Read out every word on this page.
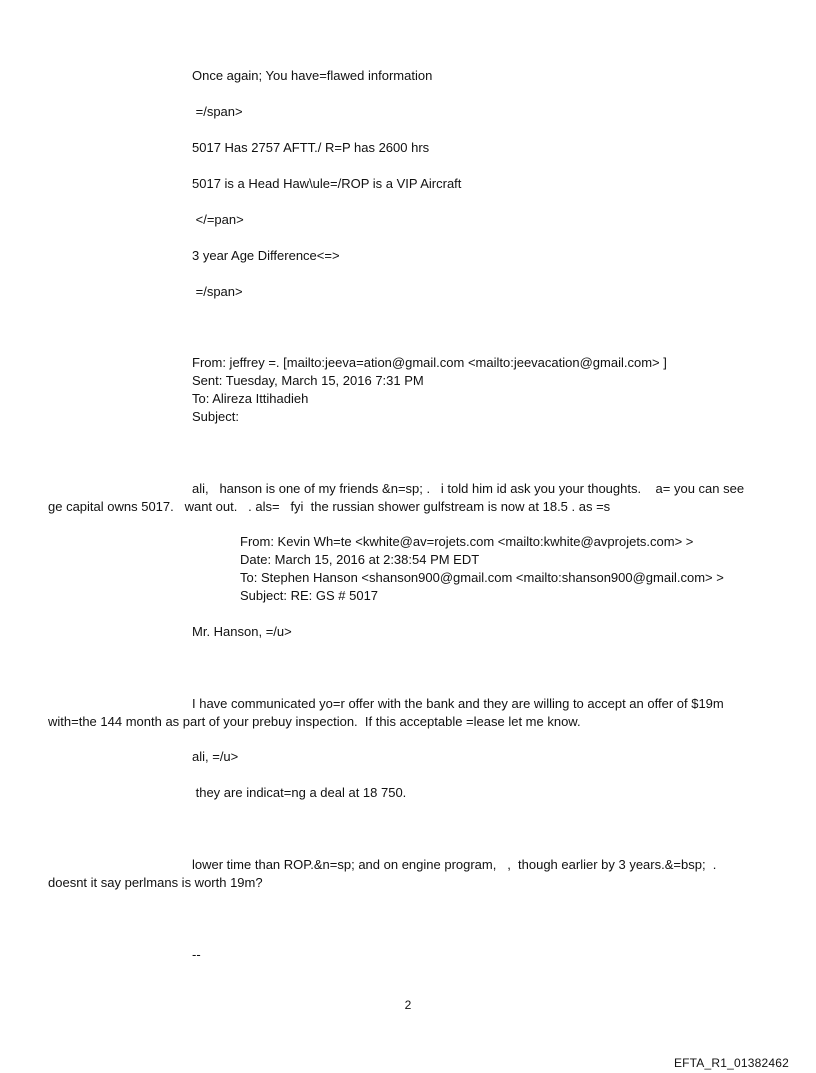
Once again; You have=flawed information
=/span>
5017 Has 2757 AFTT./ R=P has 2600 hrs
5017 is a Head Haw\ule=/ROP is a VIP Aircraft
</=pan>
3 year Age Difference<=>
=/span>
From: jeffrey =. [mailto:jeeva=ation@gmail.com <mailto:jeevacation@gmail.com> ]
Sent: Tuesday, March 15, 2016 7:31 PM
To: Alireza Ittihadieh
Subject:
ali,   hanson is one of my friends &n=sp; .   i told him id ask you your thoughts.    a= you can see
ge capital owns 5017.   want out.   . als=   fyi  the russian shower gulfstream is now at 18.5 . as =s
From: Kevin Wh=te <kwhite@av=rojets.com <mailto:kwhite@avprojets.com> >
Date: March 15, 2016 at 2:38:54 PM EDT
To: Stephen Hanson <shanson900@gmail.com <mailto:shanson900@gmail.com> >
Subject: RE: GS # 5017
Mr. Hanson, =/u>
I have communicated yo=r offer with the bank and they are willing to accept an offer of $19m
with=the 144 month as part of your prebuy inspection.  If this acceptable =lease let me know.
ali, =/u>
they are indicat=ng a deal at 18 750.
lower time than ROP.&n=sp; and on engine program,   ,  though earlier by 3 years.&=bsp;  .
doesnt it say perlmans is worth 19m?
--
2
EFTA_R1_01382462
